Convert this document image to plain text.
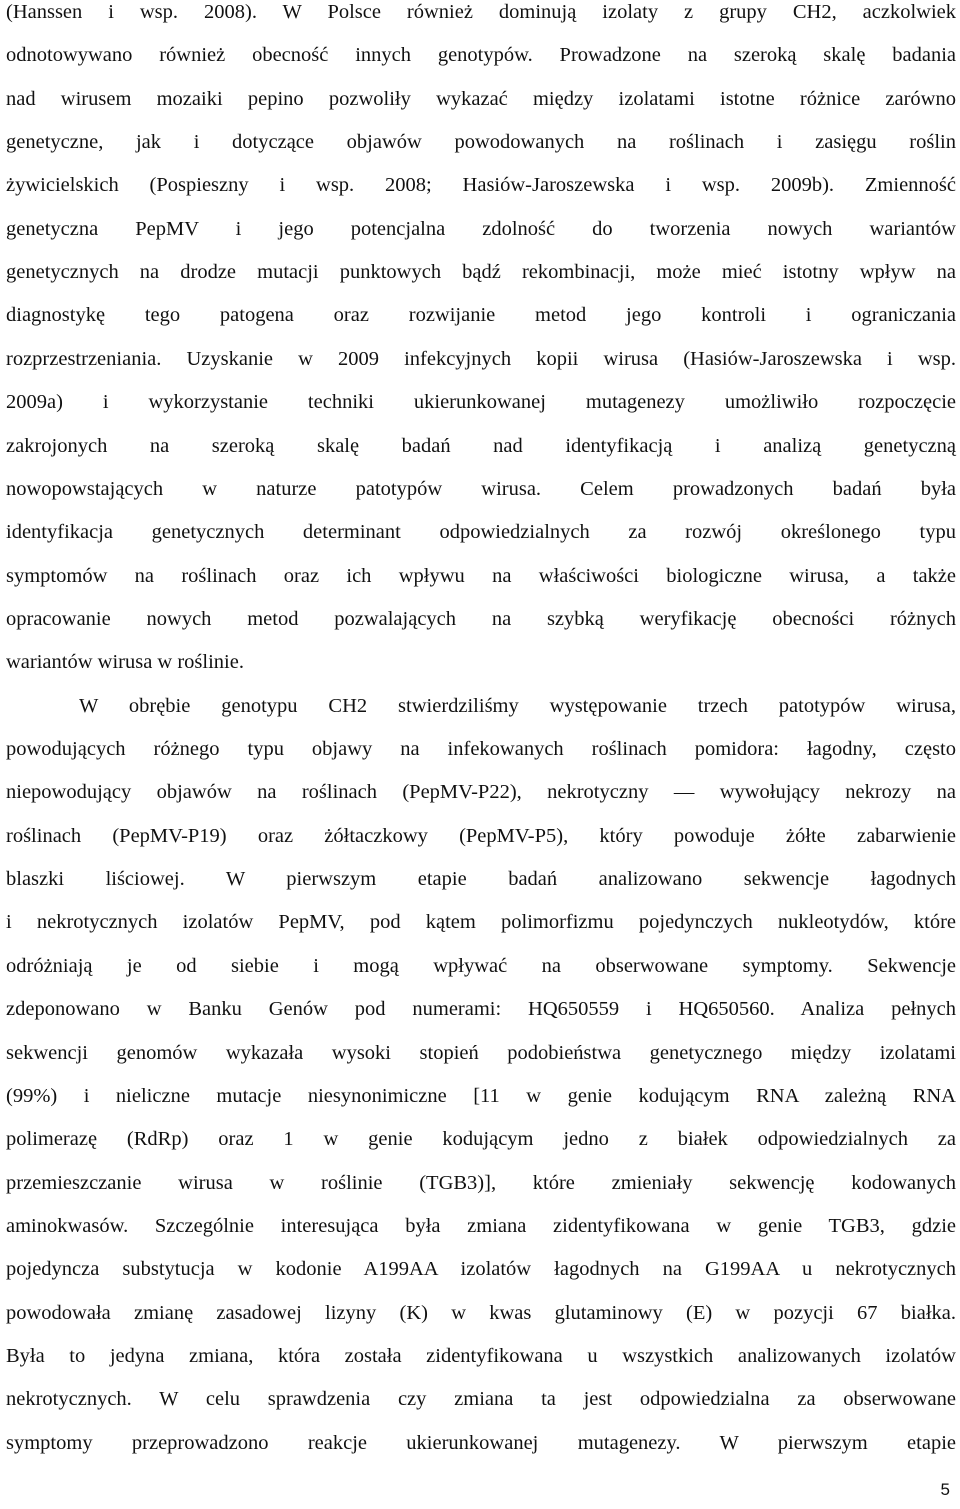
(Hanssen i wsp. 2008). W Polsce również dominują izolaty z grupy CH2, aczkolwiek
odnotowywano również obecność innych genotypów. Prowadzone na szeroką skalę badania
nad wirusem mozaiki pepino pozwoliły wykazać między izolatami istotne różnice zarówno
genetyczne, jak i dotyczące objawów powodowanych na roślinach i zasięgu roślin
żywicielskich (Pospieszny i wsp. 2008; Hasiów-Jaroszewska i wsp. 2009b). Zmienność
genetyczna PepMV i jego potencjalna zdolność do tworzenia nowych wariantów
genetycznych na drodze mutacji punktowych bądź rekombinacji, może mieć istotny wpływ na
diagnostykę tego patogena oraz rozwijanie metod jego kontroli i ograniczania
rozprzestrzeniania. Uzyskanie w 2009 infekcyjnych kopii wirusa (Hasiów-Jaroszewska i wsp.
2009a) i wykorzystanie techniki ukierunkowanej mutagenezy umożliwiło rozpoczęcie
zakrojonych na szeroką skalę badań nad identyfikacją i analizą genetyczną
nowopowstających w naturze patotypów wirusa. Celem prowadzonych badań była
identyfikacja genetycznych determinant odpowiedzialnych za rozwój określonego typu
symptomów na roślinach oraz ich wpływu na właściwości biologiczne wirusa, a także
opracowanie nowych metod pozwalających na szybką weryfikację obecności różnych
wariantów wirusa w roślinie.
W obrębie genotypu CH2 stwierdziliśmy występowanie trzech patotypów wirusa,
powodujących różnego typu objawy na infekowanych roślinach pomidora: łagodny, często
niepowodujący objawów na roślinach (PepMV-P22), nekrotyczny — wywołujący nekrozy na
roślinach (PepMV-P19) oraz żółtaczkowy (PepMV-P5), który powoduje żółte zabarwienie
blaszki liściowej. W pierwszym etapie badań analizowano sekwencje łagodnych
i nekrotycznych izolatów PepMV, pod kątem polimorfizmu pojedynczych nukleotydów, które
odróżniają je od siebie i mogą wpływać na obserwowane symptomy. Sekwencje
zdeponowano w Banku Genów pod numerami: HQ650559 i HQ650560. Analiza pełnych
sekwencji genomów wykazała wysoki stopień podobieństwa genetycznego między izolatami
(99%) i nieliczne mutacje niesynonimiczne [11 w genie kodującym RNA zależną RNA
polimerazę (RdRp) oraz 1 w genie kodującym jedno z białek odpowiedzialnych za
przemieszczanie wirusa w roślinie (TGB3)], które zmieniały sekwencję kodowanych
aminokwasów. Szczególnie interesująca była zmiana zidentyfikowana w genie TGB3, gdzie
pojedyncza substytucja w kodonie A199AA izolatów łagodnych na G199AA u nekrotycznych
powodowała zmianę zasadowej lizyny (K) w kwas glutaminowy (E) w pozycji 67 białka.
Była to jedyna zmiana, która została zidentyfikowana u wszystkich analizowanych izolatów
nekrotycznych. W celu sprawdzenia czy zmiana ta jest odpowiedzialna za obserwowane
symptomy przeprowadzono reakcje ukierunkowanej mutagenezy. W pierwszym etapie
5
